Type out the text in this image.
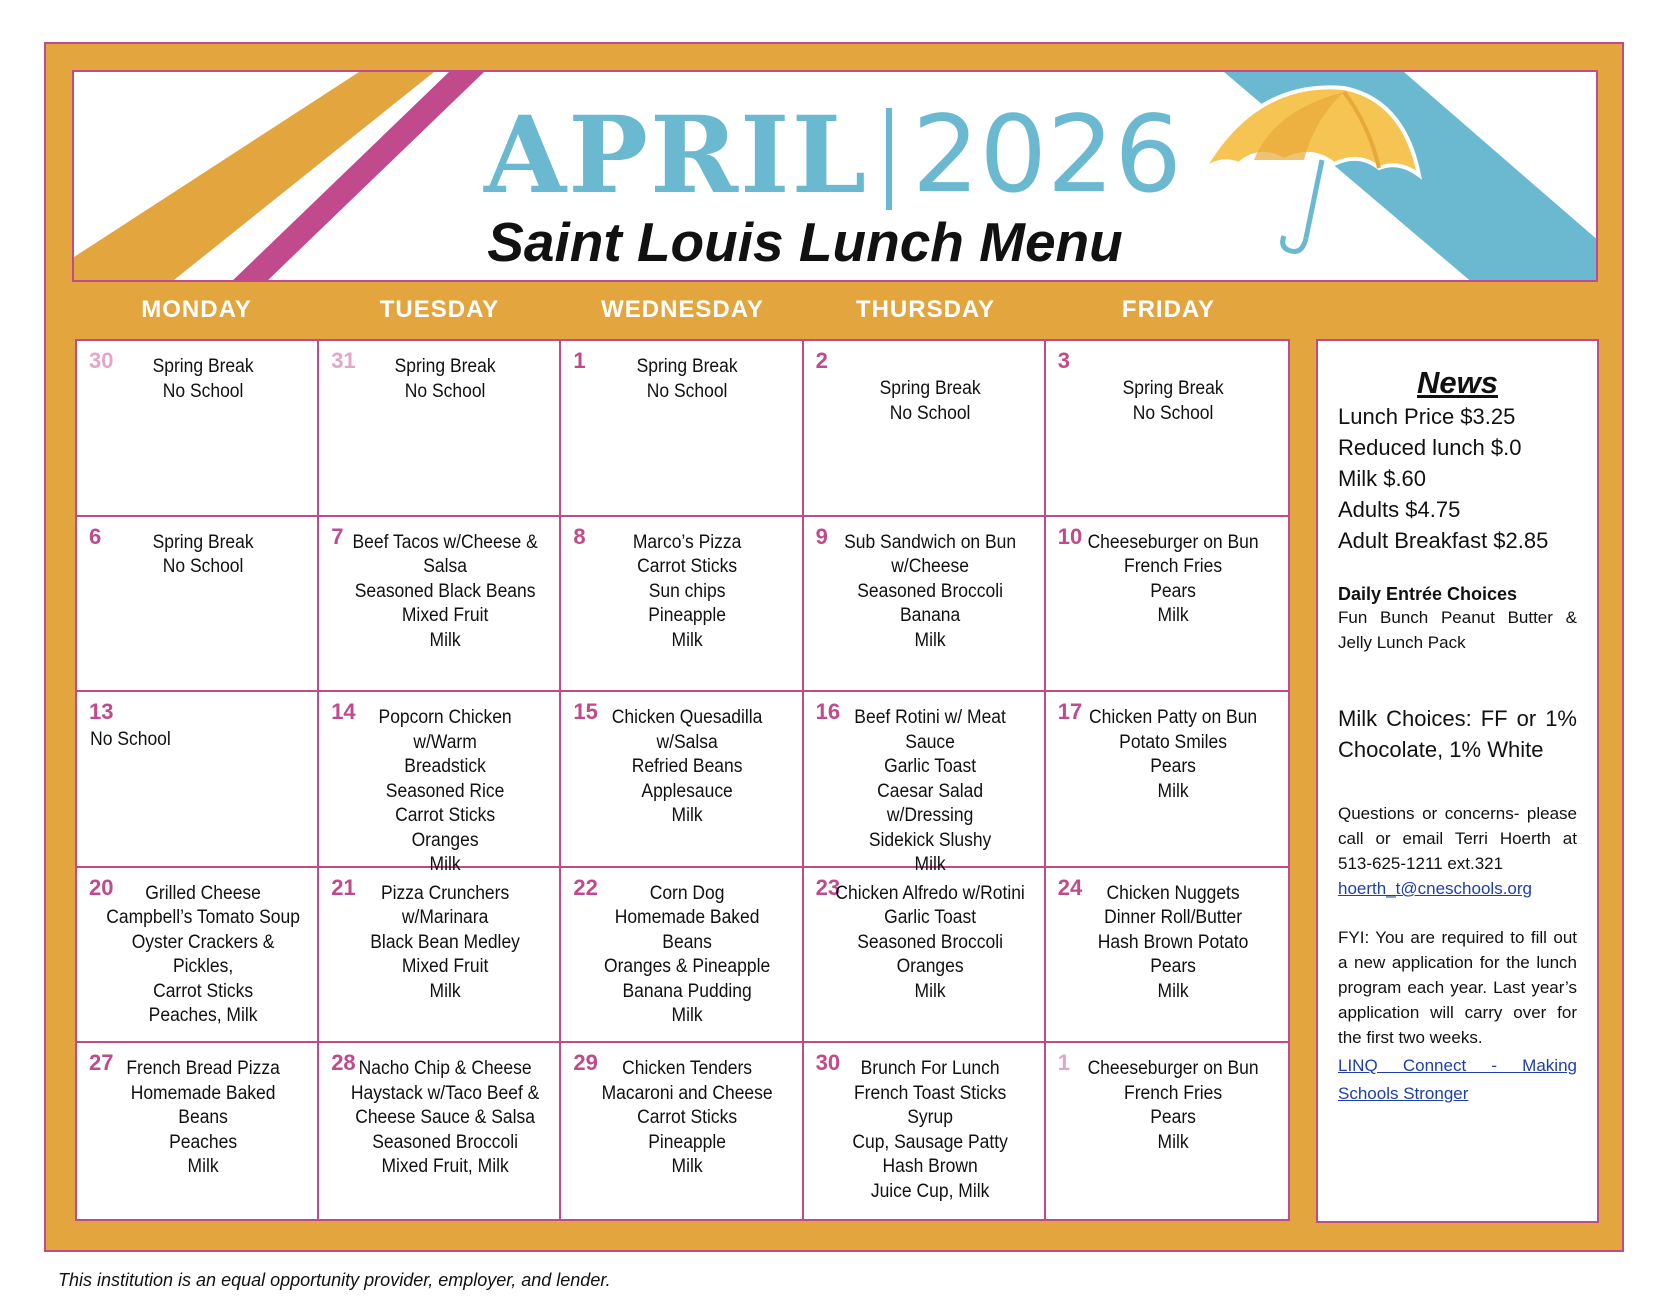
APRIL 2026
Saint Louis Lunch Menu
MONDAY	TUESDAY	WEDNESDAY	THURSDAY	FRIDAY
30	Spring Break
No School
31	Spring Break
No School
1	Spring Break
No School
2
Spring Break
No School
3
Spring Break
No School
6	Spring Break
No School
7 Beef Tacos w/Cheese &
Salsa
Seasoned Black Beans
Mixed Fruit
Milk
8	Marco’s Pizza
Carrot Sticks
Sun chips
Pineapple
Milk
9 Sub Sandwich on Bun
w/Cheese
Seasoned Broccoli
Banana
Milk
10 Cheeseburger on Bun
French Fries
Pears
Milk
13
No School
14	Popcorn Chicken w/Warm
Breadstick
Seasoned Rice
Carrot Sticks
Oranges
Milk
15 Chicken Quesadilla w/Salsa
Refried Beans
Applesauce
Milk
16 Beef Rotini w/ Meat Sauce
Garlic Toast
Caesar Salad w/Dressing
Sidekick Slushy
Milk
17 Chicken Patty on Bun
Potato Smiles
Pears
Milk
20	Grilled Cheese
Campbell’s Tomato Soup
Oyster Crackers & Pickles,
Carrot Sticks
Peaches, Milk
21	Pizza Crunchers
w/Marinara
Black Bean Medley
Mixed Fruit
Milk
22	Corn Dog
Homemade Baked Beans
Oranges & Pineapple
Banana Pudding
Milk
23
Chicken Alfredo w/Rotini
Garlic Toast
Seasoned Broccoli
Oranges
Milk
24	Chicken Nuggets
Dinner Roll/Butter
Hash Brown Potato
Pears
Milk
27 French Bread Pizza
Homemade Baked Beans
Peaches
Milk
28 Nacho Chip & Cheese
Haystack w/Taco Beef &
Cheese Sauce & Salsa
Seasoned Broccoli
Mixed Fruit, Milk
29	Chicken Tenders
Macaroni and Cheese
Carrot Sticks
Pineapple
Milk
30	Brunch For Lunch
French Toast Sticks Syrup
Cup, Sausage Patty
Hash Brown
Juice Cup, Milk
1 Cheeseburger on Bun
French Fries
Pears
Milk
News
Lunch Price $3.25
Reduced lunch $.0
Milk $.60
Adults $4.75
Adult Breakfast $2.85
Daily Entrée Choices
Fun Bunch Peanut Butter & Jelly Lunch Pack
Milk Choices: FF or 1% Chocolate, 1% White
Questions or concerns- please call or email Terri Hoerth at 513-625-1211 ext.321
hoerth_t@cneschools.org
FYI: You are required to fill out a new application for the lunch program each year. Last year’s application will carry over for the first two weeks.
LINQ Connect - Making Schools Stronger
This institution is an equal opportunity provider, employer, and lender.
